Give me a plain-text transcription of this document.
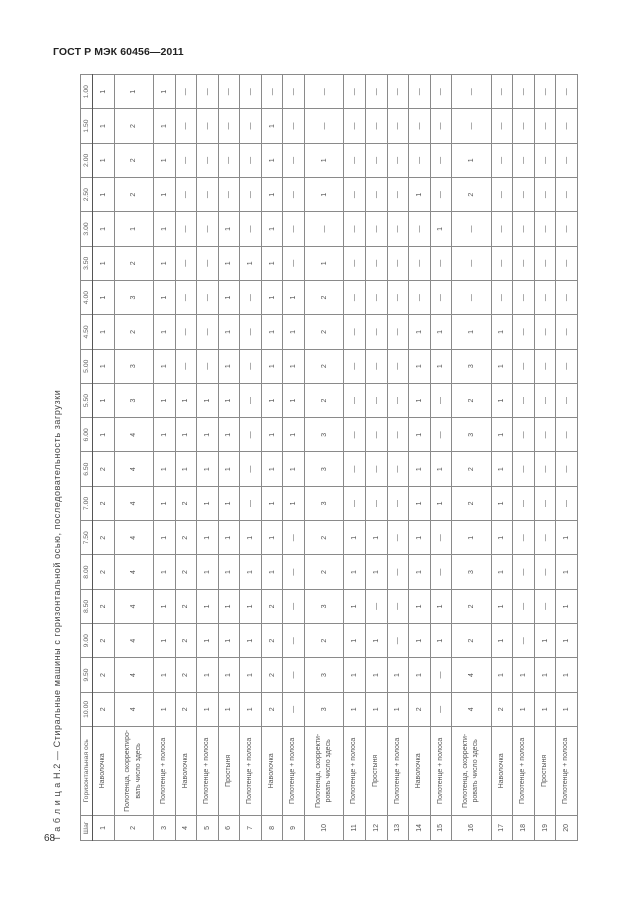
ГОСТ Р МЭК 60456—2011
Т а б л и ц а Н.2 — Стиральные машины с горизонтальной осью, последовательность загрузки	Шаг	Горизонтальная ось	10.00	9.50	9.00	8.50	8.00	7.50	7.00	6.50	6.00	5.50	5.00	4.50	4.00	3.50	3.00	2.50	2.00	1.50	1.00
1	Наволочка	2	2	2	2	2	2	2	2	1	1	1	1	1	1	1	1	1	1	1
2	Полотенца, скорректиро-вать число здесь	4	4	4	4	4	4	4	4	4	3	3	2	3	2	1	2	2	2	1
3	Полотенце + полоса	1	1	1	1	1	1	1	1	1	1	1	1	1	1	1	1	1	1	1
4	Наволочка	2	2	2	2	2	2	2	1	1	1	—	—	—	—	—	—	—	—	—
5	Полотенце + полоса	1	1	1	1	1	1	1	1	1	1	—	—	—	—	—	—	—	—	—
6	Простыня	1	1	1	1	1	1	1	1	1	1	1	1	1	1	1	—	—	—	—
7	Полотенце + полоса	1	1	1	1	1	1	—	—	—	—	—	—	—	1	—	—	—	—	—
8	Наволочка	2	2	2	2	1	1	1	1	1	1	1	1	1	1	1	1	1	1	—
9	Полотенце + полоса	—	—	—	—	—	—	1	1	1	1	1	1	1	—	—	—	—	—	—
10	Полотенца, скорректи-ровать число здесь	3	3	2	3	2	2	3	3	3	2	2	2	2	1	—	1	1	—	—
11	Полотенце + полоса	1	1	1	1	1	1	—	—	—	—	—	—	—	—	—	—	—	—	—
12	Простыня	1	1	1	—	1	1	—	—	—	—	—	—	—	—	—	—	—	—	—
13	Полотенце + полоса	1	1	—	—	—	—	—	—	—	—	—	—	—	—	—	—	—	—	—
14	Наволочка	2	1	1	1	1	1	1	1	1	1	1	1	—	—	—	1	—	—	—
15	Полотенце + полоса	—	—	1	1	—	—	1	1	—	—	1	1	—	—	1	—	—	—	—
16	Полотенца, скорректи-ровать число здесь	4	4	2	2	3	1	2	2	3	2	3	1	—	—	—	2	1	—	—
17	Наволочка	2	1	1	1	1	1	1	1	1	1	1	1	—	—	—	—	—	—	—
18	Полотенце + полоса	1	1	—	—	—	—	—	—	—	—	—	—	—	—	—	—	—	—	—
19	Простыня	1	1	1	—	—	—	—	—	—	—	—	—	—	—	—	—	—	—	—
20	Полотенце + полоса	1	1	1	1	1	1	—	—	—	—	—	—	—	—	—	—	—	—	—
68
